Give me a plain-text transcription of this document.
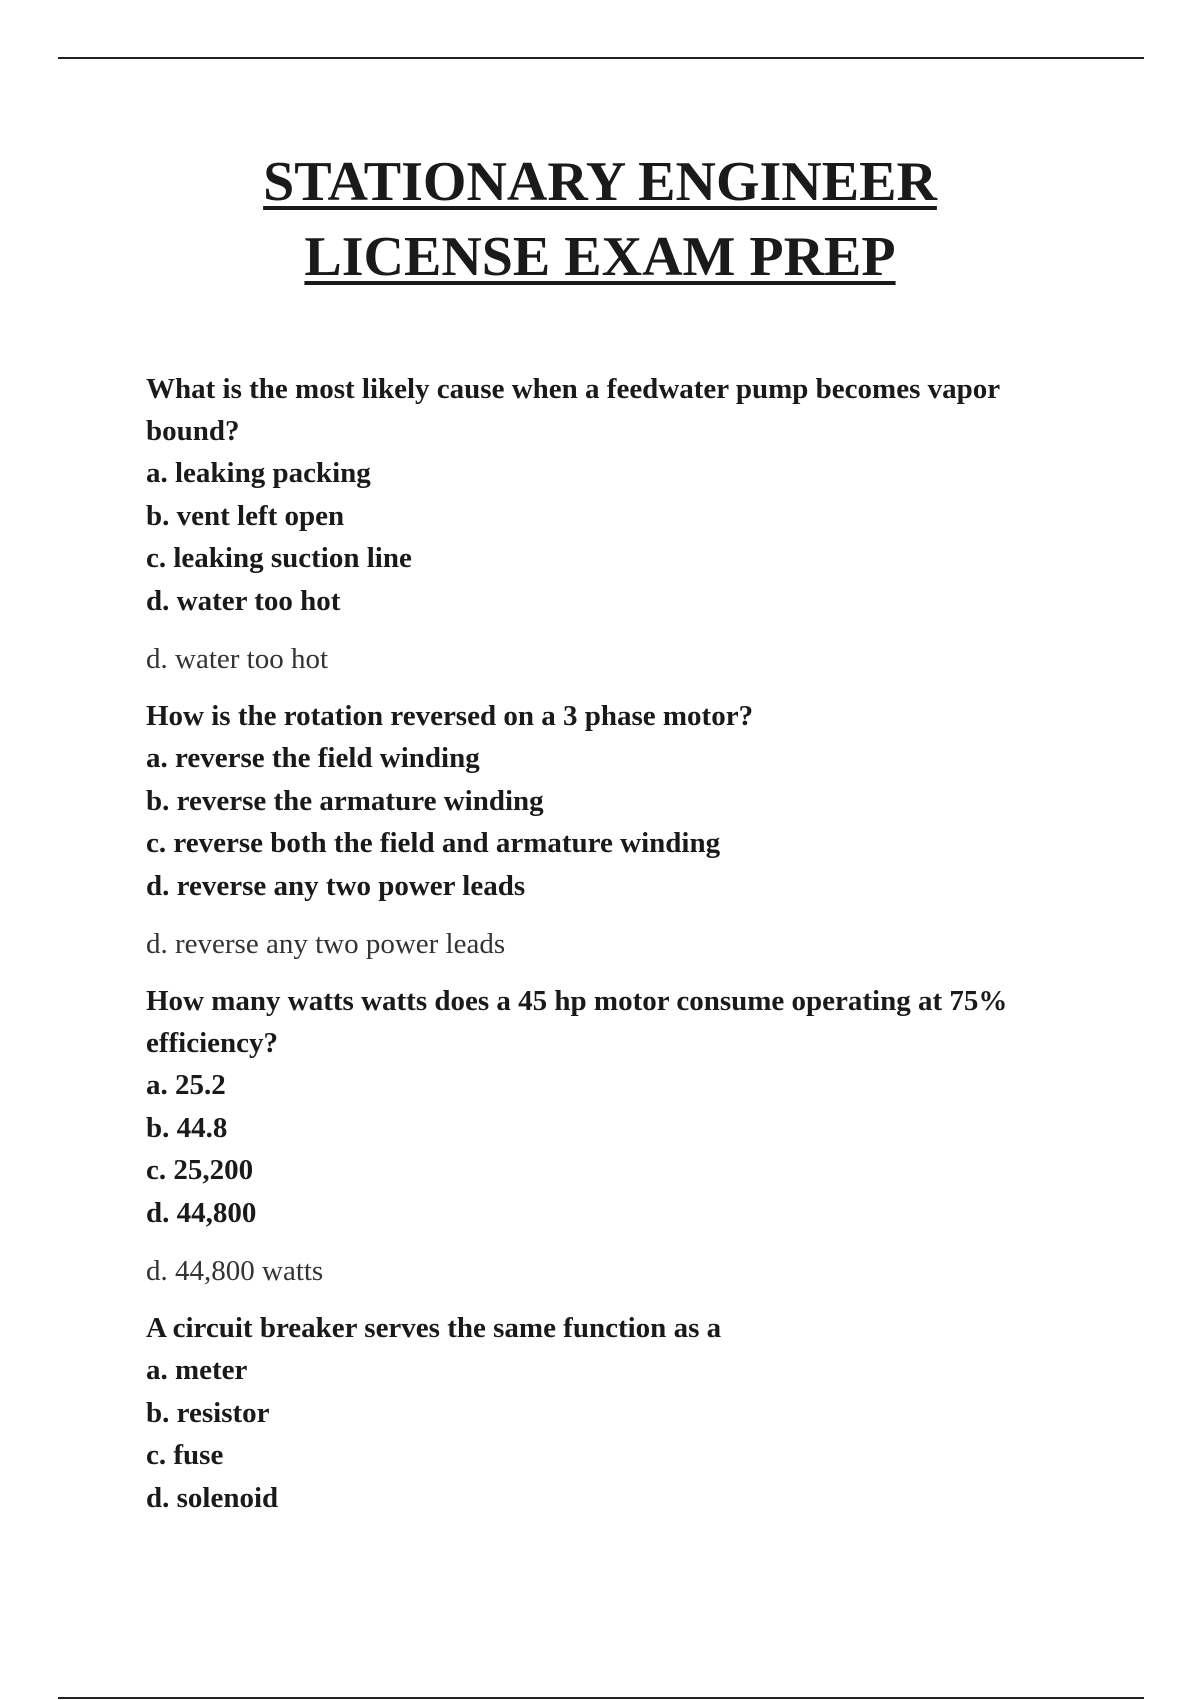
STATIONARY ENGINEER
LICENSE EXAM PREP

What is the most likely cause when a feedwater pump becomes vapor bound?

a. leaking packing

b. vent left open

c. leaking suction line

d. water too hot

d. water too hot

How is the rotation reversed on a 3 phase motor?

a. reverse the field winding

b. reverse the armature winding

c. reverse both the field and armature winding

d. reverse any two power leads

d. reverse any two power leads

How many watts watts does a 45 hp motor consume operating at 75% efficiency?

a. 25.2

b. 44.8

c. 25,200

d. 44,800

d. 44,800 watts

A circuit breaker serves the same function as a

a. meter

b. resistor

c. fuse

d. solenoid
